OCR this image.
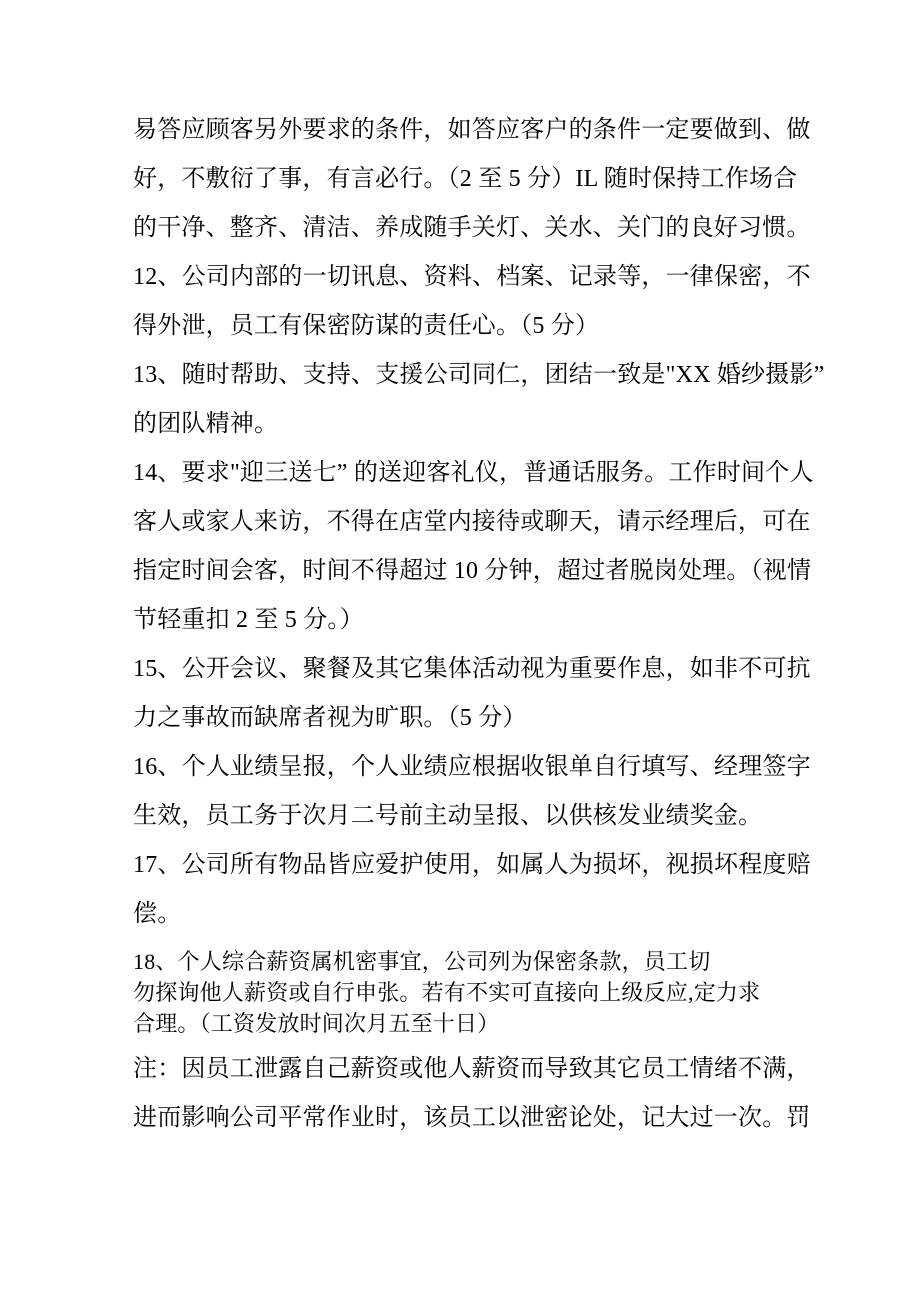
易答应顾客另外要求的条件，如答应客户的条件一定要做到、做
好，不敷衍了事，有言必行。（2 至 5 分）IL 随时保持工作场合
的干净、整齐、清洁、养成随手关灯、关水、关门的良好习惯。
12、公司内部的一切讯息、资料、档案、记录等，一律保密，不
得外泄，员工有保密防谋的责任心。（5 分）
13、随时帮助、支持、支援公司同仁，团结一致是"XX 婚纱摄影”
的团队精神。
14、要求"迎三送七” 的送迎客礼仪，普通话服务。工作时间个人
客人或家人来访，不得在店堂内接待或聊天，请示经理后，可在
指定时间会客，时间不得超过 10 分钟，超过者脱岗处理。（视情
节轻重扣 2 至 5 分。）
15、公开会议、聚餐及其它集体活动视为重要作息，如非不可抗
力之事故而缺席者视为旷职。（5 分）
16、个人业绩呈报，个人业绩应根据收银单自行填写、经理签字
生效，员工务于次月二号前主动呈报、以供核发业绩奖金。
17、公司所有物品皆应爱护使用，如属人为损坏，视损坏程度赔
偿。
18、个人综合薪资属机密事宜，公司列为保密条款，员工切
勿探询他人薪资或自行申张。若有不实可直接向上级反应,定力求
合理。（工资发放时间次月五至十日）
注：因员工泄露自己薪资或他人薪资而导致其它员工情绪不满，
进而影响公司平常作业时，该员工以泄密论处，记大过一次。罚
